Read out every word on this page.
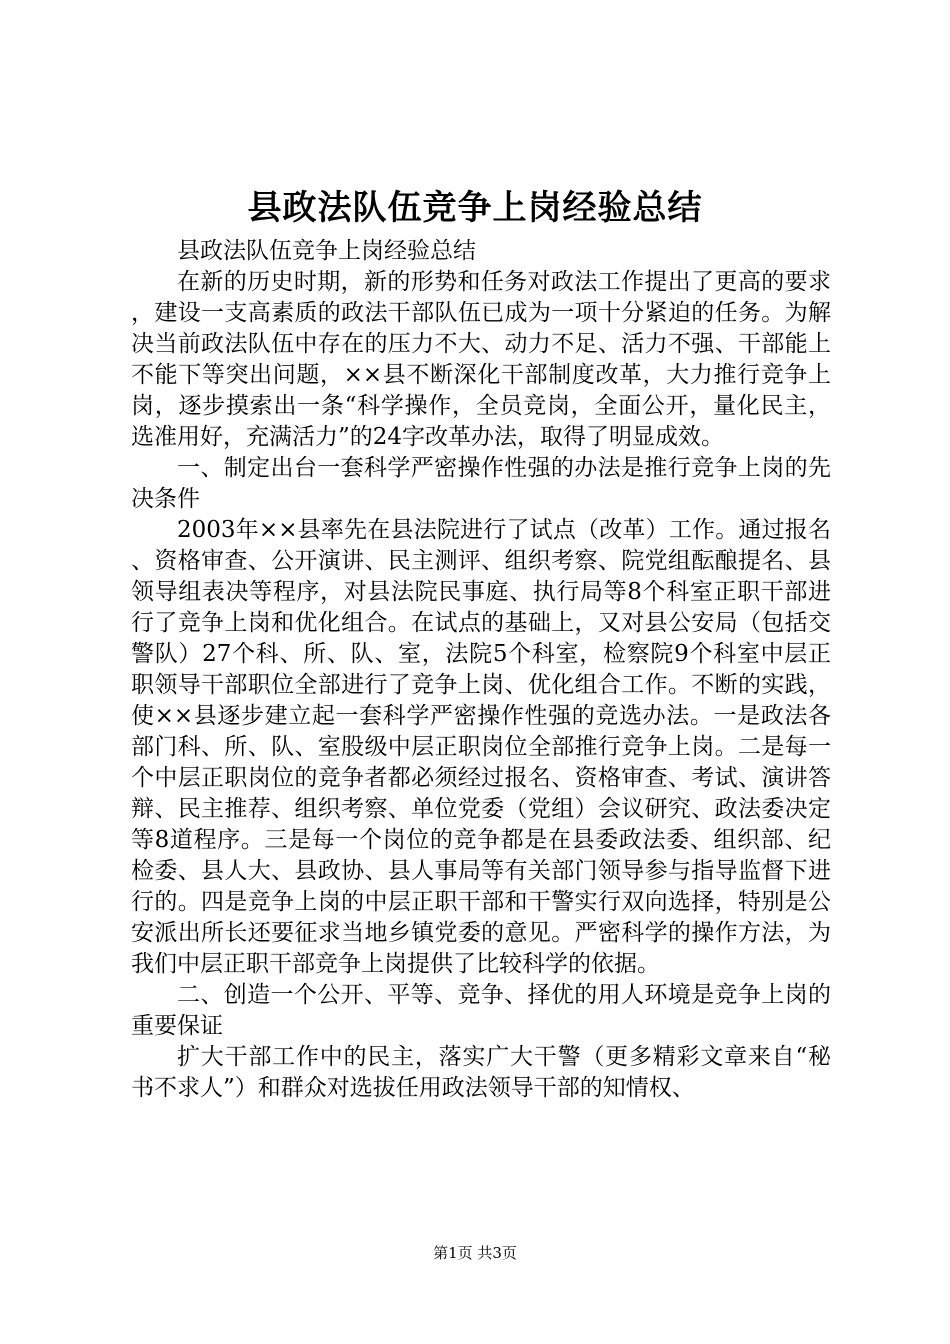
县政法队伍竞争上岗经验总结

县政法队伍竞争上岗经验总结

在新的历史时期，新的形势和任务对政法工作提出了更高的要求，建设一支高素质的政法干部队伍已成为一项十分紧迫的任务。为解决当前政法队伍中存在的压力不大、动力不足、活力不强、干部能上不能下等突出问题，××县不断深化干部制度改革，大力推行竞争上岗，逐步摸索出一条“科学操作，全员竞岗，全面公开，量化民主，选准用好，充满活力”的24字改革办法，取得了明显成效。

一、制定出台一套科学严密操作性强的办法是推行竞争上岗的先决条件

2003年××县率先在县法院进行了试点（改革）工作。通过报名、资格审查、公开演讲、民主测评、组织考察、院党组酝酿提名、县领导组表决等程序，对县法院民事庭、执行局等8个科室正职干部进行了竞争上岗和优化组合。在试点的基础上，又对县公安局（包括交警队）27个科、所、队、室，法院5个科室，检察院9个科室中层正职领导干部职位全部进行了竞争上岗、优化组合工作。不断的实践，使××县逐步建立起一套科学严密操作性强的竞选办法。一是政法各部门科、所、队、室股级中层正职岗位全部推行竞争上岗。二是每一个中层正职岗位的竞争者都必须经过报名、资格审查、考试、演讲答辩、民主推荐、组织考察、单位党委（党组）会议研究、政法委决定等8道程序。三是每一个岗位的竞争都是在县委政法委、组织部、纪检委、县人大、县政协、县人事局等有关部门领导参与指导监督下进行的。四是竞争上岗的中层正职干部和干警实行双向选择，特别是公安派出所长还要征求当地乡镇党委的意见。严密科学的操作方法，为我们中层正职干部竞争上岗提供了比较科学的依据。

二、创造一个公开、平等、竞争、择优的用人环境是竞争上岗的重要保证

扩大干部工作中的民主，落实广大干警（更多精彩文章来自“秘书不求人”）和群众对选拔任用政法领导干部的知情权、

第1页 共3页
